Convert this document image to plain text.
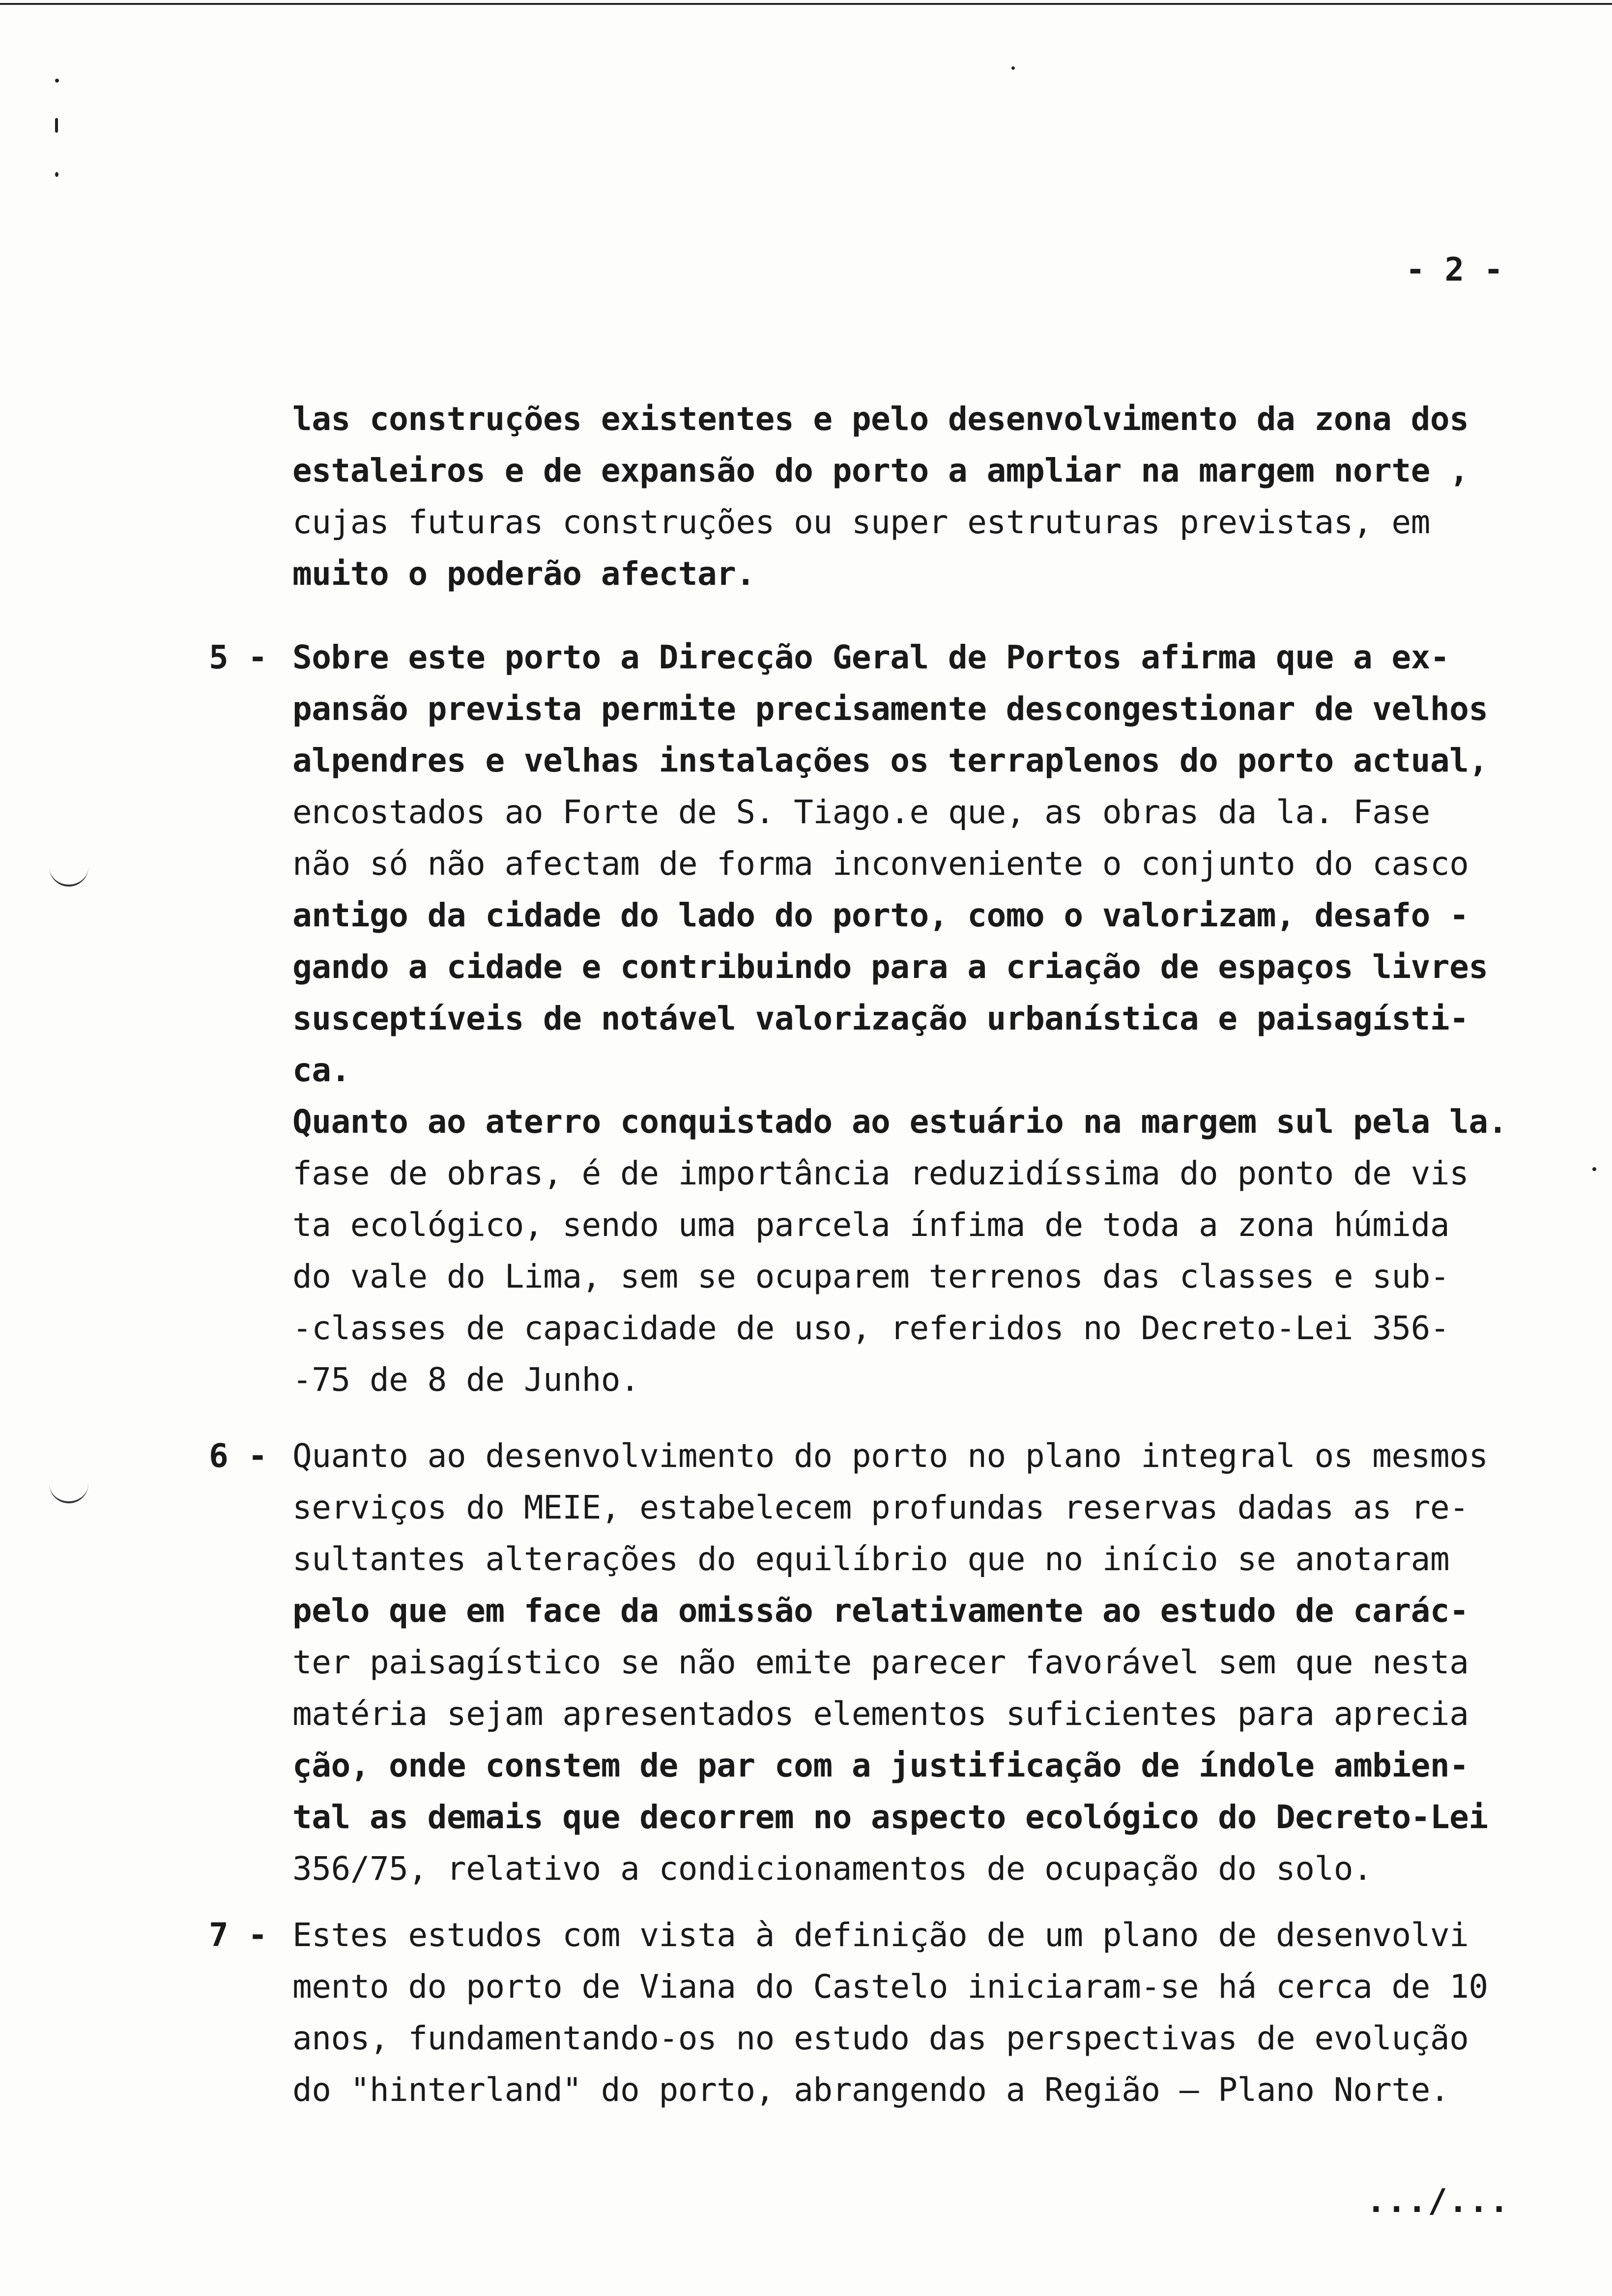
- 2 -
las construções existentes e pelo desenvolvimento da zona dos
estaleiros e de expansão do porto a ampliar na margem norte ,
cujas futuras construções ou super estruturas previstas, em
muito o poderão afectar.
5 - Sobre este porto a Direcção Geral de Portos afirma que a ex-
pansão prevista permite precisamente descongestionar de velhos
alpendres e velhas instalações os terraplenos do porto actual,
encostados ao Forte de S. Tiago.e que, as obras da la. Fase
não só não afectam de forma inconveniente o conjunto do casco
antigo da cidade do lado do porto, como o valorizam, desafo -
gando a cidade e contribuindo para a criação de espaços livres
susceptíveis de notável valorização urbanística e paisagísti-
ca.
Quanto ao aterro conquistado ao estuário na margem sul pela la.
fase de obras, é de importância reduzidíssima do ponto de vis
ta ecológico, sendo uma parcela ínfima de toda a zona húmida
do vale do Lima, sem se ocuparem terrenos das classes e sub-
-classes de capacidade de uso, referidos no Decreto-Lei 356-
-75 de 8 de Junho.
6 - Quanto ao desenvolvimento do porto no plano integral os mesmos
serviços do MEIE, estabelecem profundas reservas dadas as re-
sultantes alterações do equilíbrio que no início se anotaram
pelo que em face da omissão relativamente ao estudo de carác-
ter paisagístico se não emite parecer favorável sem que nesta
matéria sejam apresentados elementos suficientes para aprecia
ção, onde constem de par com a justificação de índole ambien-
tal as demais que decorrem no aspecto ecológico do Decreto-Lei
356/75, relativo a condicionamentos de ocupação do solo.
7 - Estes estudos com vista à definição de um plano de desenvolvi
mento do porto de Viana do Castelo iniciaram-se há cerca de 10
anos, fundamentando-os no estudo das perspectivas de evolução
do "hinterland" do porto, abrangendo a Região — Plano Norte.
.../...
